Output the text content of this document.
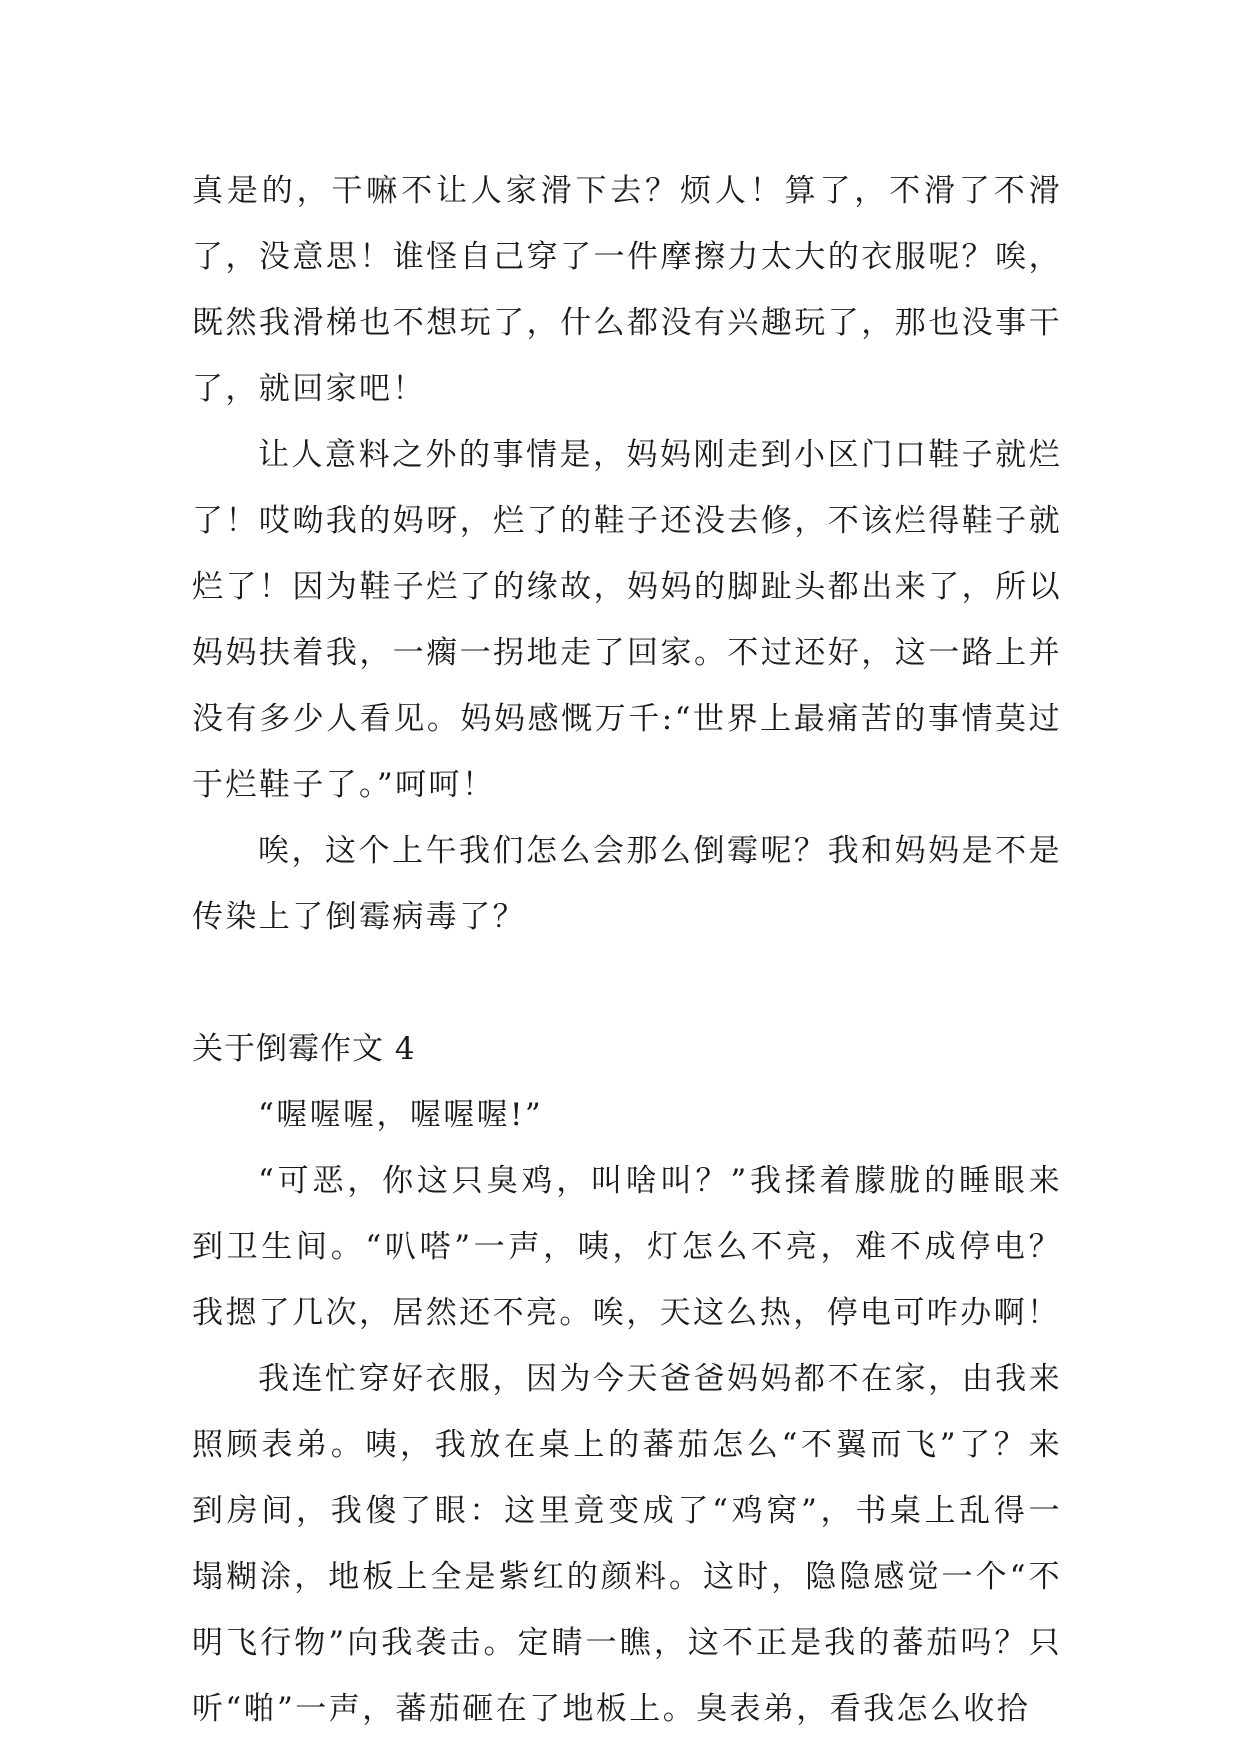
真是的，干嘛不让人家滑下去？烦人！算了，不滑了不滑了，没意思！谁怪自己穿了一件摩擦力太大的衣服呢？唉，既然我滑梯也不想玩了，什么都没有兴趣玩了，那也没事干了，就回家吧！

让人意料之外的事情是，妈妈刚走到小区门口鞋子就烂了！哎呦我的妈呀，烂了的鞋子还没去修，不该烂得鞋子就烂了！因为鞋子烂了的缘故，妈妈的脚趾头都出来了，所以妈妈扶着我，一瘸一拐地走了回家。不过还好，这一路上并没有多少人看见。妈妈感慨万千:“世界上最痛苦的事情莫过于烂鞋子了。”呵呵！

唉，这个上午我们怎么会那么倒霉呢？我和妈妈是不是传染上了倒霉病毒了？

关于倒霉作文 4

“喔喔喔，喔喔喔!”

“可恶，你这只臭鸡，叫啥叫？”我揉着朦胧的睡眼来到卫生间。“叭嗒”一声，咦，灯怎么不亮，难不成停电？我摁了几次，居然还不亮。唉，天这么热，停电可咋办啊！

我连忙穿好衣服，因为今天爸爸妈妈都不在家，由我来照顾表弟。咦，我放在桌上的蕃茄怎么“不翼而飞”了？来到房间，我傻了眼：这里竟变成了“鸡窝”，书桌上乱得一塌糊涂，地板上全是紫红的颜料。这时，隐隐感觉一个“不明飞行物”向我袭击。定睛一瞧，这不正是我的蕃茄吗？只听“啪”一声，蕃茄砸在了地板上。臭表弟，看我怎么收拾
